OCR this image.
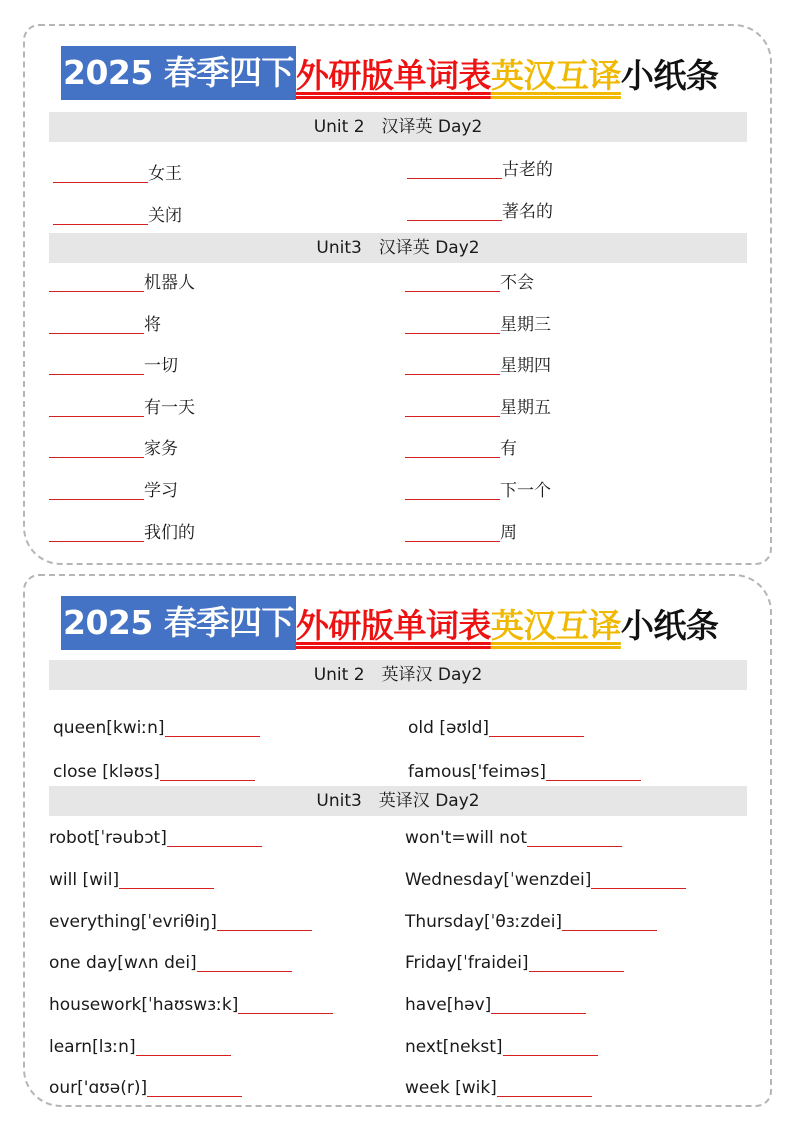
2025 春季四下 外研版单词表 英汉互译 小纸条
Unit 2　汉译英 Day2
女王	古老的
关闭	著名的
Unit3　汉译英 Day2
机器人	不会
将	星期三
一切	星期四
有一天	星期五
家务	有
学习	下一个
我们的	周
2025 春季四下 外研版单词表 英汉互译 小纸条
Unit 2　英译汉 Day2
queen[kwiːn]	old [əʊld]
close [kləʊs]	famous['feiməs]
Unit3　英译汉 Day2
robot[ˈrəubɔt]	won't=will not
will [wil]	Wednesday[ˈwenzdei]
everything[ˈevriθiŋ]	Thursday[ˈθɜːzdei]
one day[wʌn dei]	Friday[ˈfraidei]
housework[ˈhaʊswɜːk]	have[həv]
learn[lɜːn]	next[nekst]
our['ɑʊə(r)]	week [wik]
